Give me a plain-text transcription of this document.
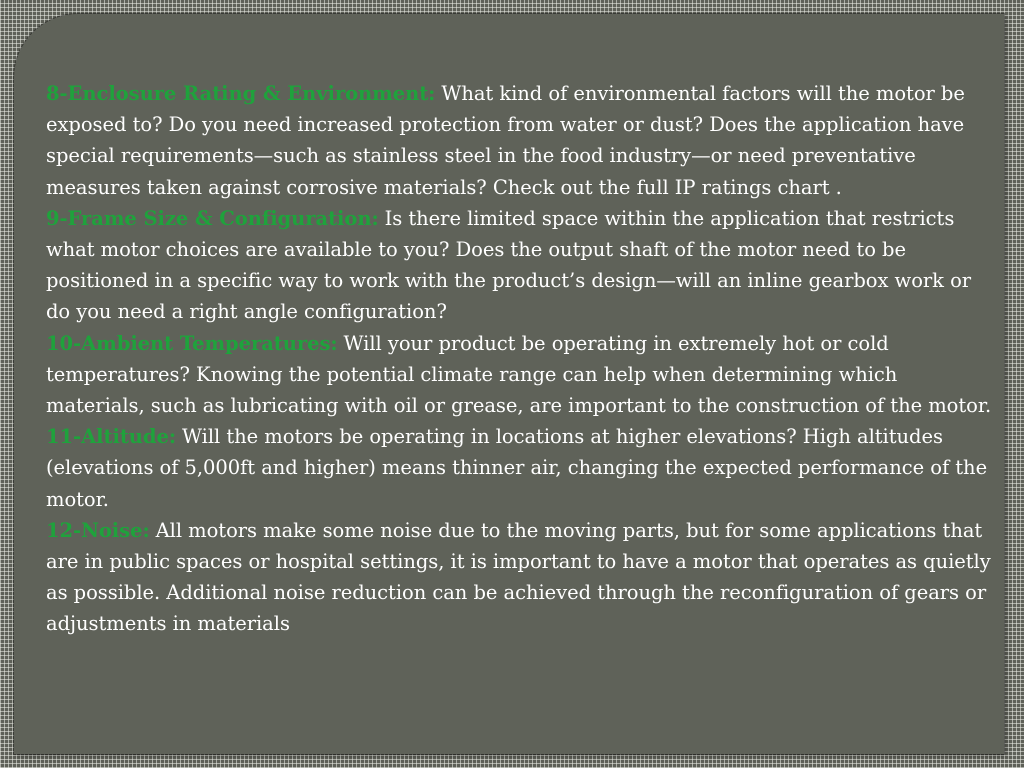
8-Enclosure Rating & Environment: What kind of environmental factors will the motor be exposed to? Do you need increased protection from water or dust? Does the application have special requirements—such as stainless steel in the food industry—or need preventative measures taken against corrosive materials? Check out the full IP ratings chart .

9-Frame Size & Configuration: Is there limited space within the application that restricts what motor choices are available to you? Does the output shaft of the motor need to be positioned in a specific way to work with the product’s design—will an inline gearbox work or do you need a right angle configuration?

10-Ambient Temperatures: Will your product be operating in extremely hot or cold temperatures? Knowing the potential climate range can help when determining which materials, such as lubricating with oil or grease, are important to the construction of the motor.

11-Altitude: Will the motors be operating in locations at higher elevations? High altitudes (elevations of 5,000ft and higher) means thinner air, changing the expected performance of the motor.

12-Noise: All motors make some noise due to the moving parts, but for some applications that are in public spaces or hospital settings, it is important to have a motor that operates as quietly as possible. Additional noise reduction can be achieved through the reconfiguration of gears or adjustments in materials
